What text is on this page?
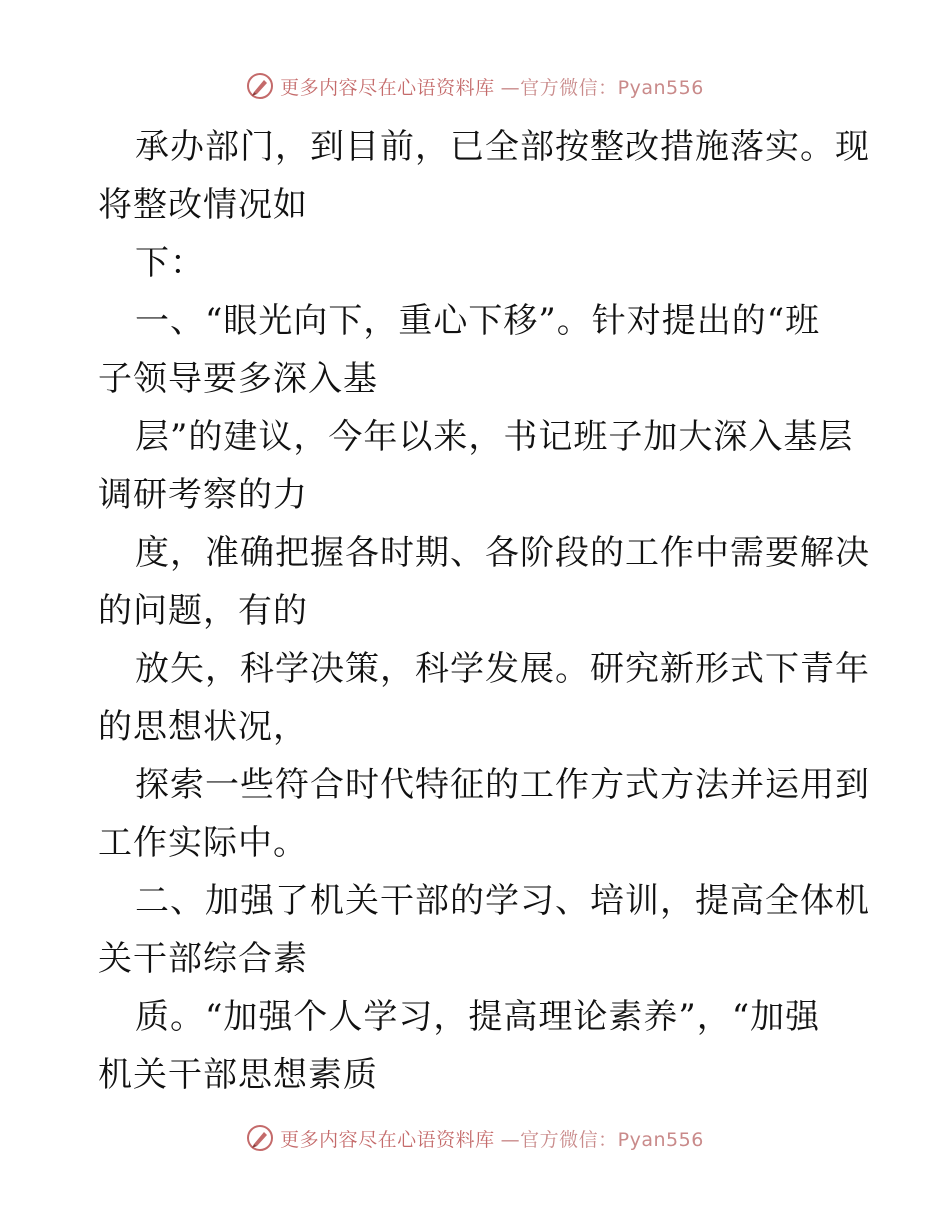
更多内容尽在心语资料库 —官方微信：Pyan556
承办部门，到目前，已全部按整改措施落实。现
将整改情况如
下：
一、“眼光向下，重心下移”。针对提出的“班
子领导要多深入基
层”的建议，今年以来，书记班子加大深入基层
调研考察的力
度，准确把握各时期、各阶段的工作中需要解决
的问题，有的
放矢，科学决策，科学发展。研究新形式下青年
的思想状况，
探索一些符合时代特征的工作方式方法并运用到
工作实际中。
二、加强了机关干部的学习、培训，提高全体机
关干部综合素
质。“加强个人学习，提高理论素养”，“加强
机关干部思想素质
更多内容尽在心语资料库 —官方微信：Pyan556
